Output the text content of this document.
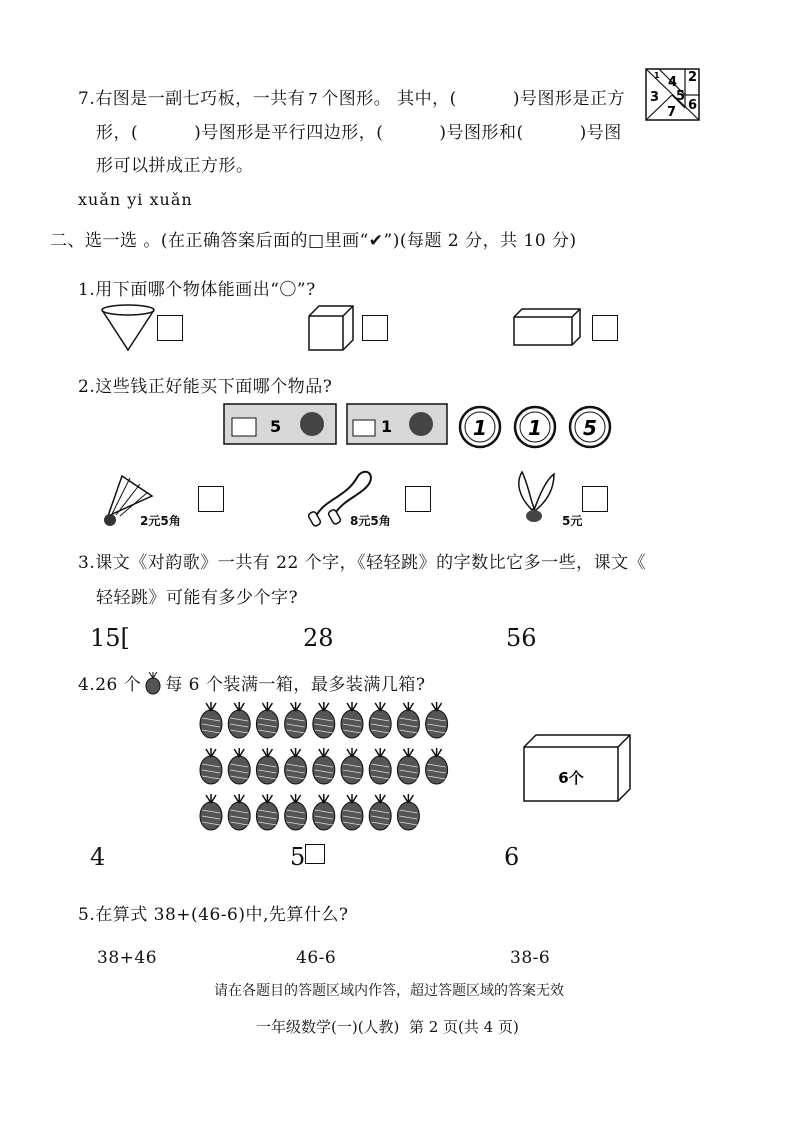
7.右图是一副七巧板，一共有 7 个图形。 其中，(	)号图形是正方
形，(	)号图形是平行四边形，(	)号图形和(	)号图
形可以拼成正方形。
3
4 2
5
6
7
1
xuǎn yi xuǎn
二、选一选 。(在正确答案后面的□里画“✔”)(每题 2 分，共 10 分)
1.用下面哪个物体能画出“〇”?
2.这些钱正好能买下面哪个物品?
5	1	1 1 5
2元5角	8元5角	5元
3.课文《对韵歌》一共有 22 个字，《轻轻跳》的字数比它多一些，课文《
轻轻跳》可能有多少个字?
15[	28	56
4.26 个 每 6 个装满一箱，最多装满几箱?
6个
4	5	6
5.在算式 38+(46-6)中,先算什么?
38+46	46-6	38-6
请在各题目的答题区域内作答，超过答题区域的答案无效
一年级数学(一)(人教)  第 2 页(共 4 页)
